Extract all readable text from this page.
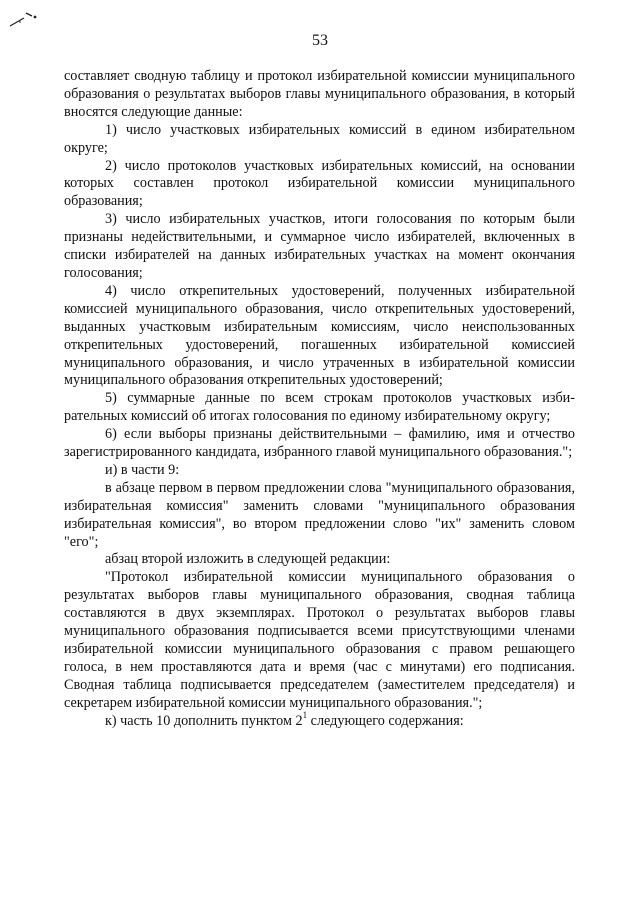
53

составляет сводную таблицу и протокол избирательной комиссии муниципального образования о результатах выборов главы муниципального образования, в который вносятся следующие данные:

1) число участковых избирательных комиссий в едином избирательном округе;

2) число протоколов участковых избирательных комиссий, на основании которых составлен протокол избирательной комиссии муниципального образования;

3) число избирательных участков, итоги голосования по которым были признаны недействительными, и суммарное число избирателей, включенных в списки избирателей на данных избирательных участках на момент окончания голосования;

4) число открепительных удостоверений, полученных избирательной комиссией муниципального образования, число открепительных удостоверений, выданных участковым избирательным комиссиям, число неиспользованных открепительных удостоверений, погашенных избирательной комиссией муниципального образования, и число утраченных в избирательной комиссии муниципального образования открепительных удостоверений;

5) суммарные данные по всем строкам протоколов участковых избирательных комиссий об итогах голосования по единому избирательному округу;

6) если выборы признаны действительными – фамилию, имя и отчество зарегистрированного кандидата, избранного главой муниципального образования.";

и) в части 9:

в абзаце первом в первом предложении слова "муниципального образования, избирательная комиссия" заменить словами "муниципального образования избирательная комиссия", во втором предложении слово "их" заменить словом "его";

абзац второй изложить в следующей редакции:

"Протокол избирательной комиссии муниципального образования о результатах выборов главы муниципального образования, сводная таблица составляются в двух экземплярах. Протокол о результатах выборов главы муниципального образования подписывается всеми присутствующими членами избирательной комиссии муниципального образования с правом решающего голоса, в нем проставляются дата и время (час с минутами) его подписания. Сводная таблица подписывается председателем (заместителем председателя) и секретарем избирательной комиссии муниципального образования.";

к) часть 10 дополнить пунктом $2^1$ следующего содержания:
